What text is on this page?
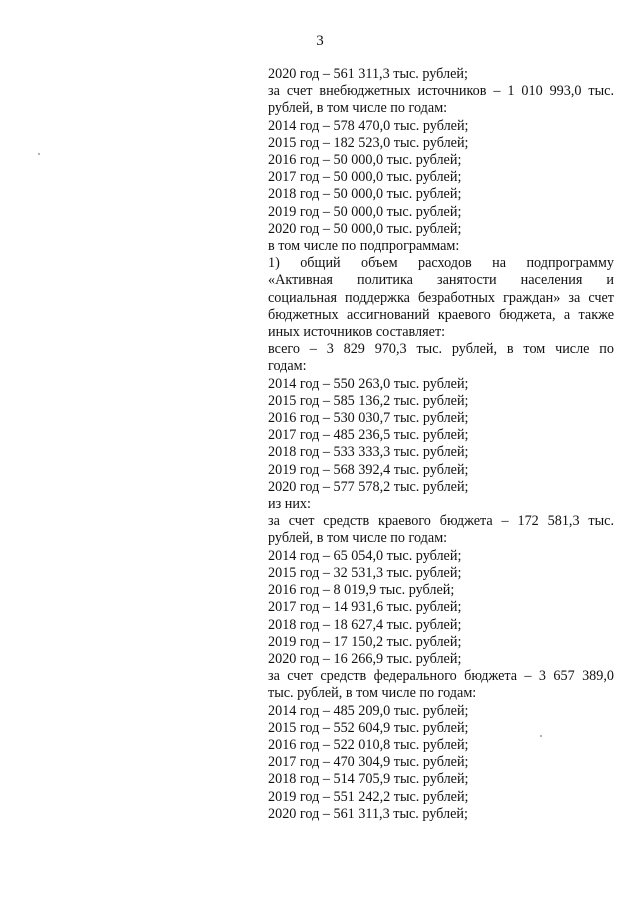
3
2020 год – 561 311,3 тыс. рублей;
за счет внебюджетных источников – 1 010 993,0 тыс.
рублей, в том числе по годам:
2014 год – 578 470,0 тыс. рублей;
2015 год – 182 523,0 тыс. рублей;
2016 год – 50 000,0 тыс. рублей;
2017 год – 50 000,0 тыс. рублей;
2018 год – 50 000,0 тыс. рублей;
2019 год – 50 000,0 тыс. рублей;
2020 год – 50 000,0 тыс. рублей;
в том числе по подпрограммам:
1) общий объем расходов на подпрограмму
«Активная политика занятости населения и
социальная поддержка безработных граждан» за счет
бюджетных ассигнований краевого бюджета, а также
иных источников составляет:
всего – 3 829 970,3 тыс. рублей, в том числе по
годам:
2014 год – 550 263,0 тыс. рублей;
2015 год – 585 136,2 тыс. рублей;
2016 год – 530 030,7 тыс. рублей;
2017 год – 485 236,5 тыс. рублей;
2018 год – 533 333,3 тыс. рублей;
2019 год – 568 392,4 тыс. рублей;
2020 год – 577 578,2 тыс. рублей;
из них:
за счет средств краевого бюджета – 172 581,3 тыс.
рублей, в том числе по годам:
2014 год – 65 054,0 тыс. рублей;
2015 год – 32 531,3 тыс. рублей;
2016 год – 8 019,9 тыс. рублей;
2017 год – 14 931,6 тыс. рублей;
2018 год – 18 627,4 тыс. рублей;
2019 год – 17 150,2 тыс. рублей;
2020 год – 16 266,9 тыс. рублей;
за счет средств федерального бюджета – 3 657 389,0
тыс. рублей, в том числе по годам:
2014 год – 485 209,0 тыс. рублей;
2015 год – 552 604,9 тыс. рублей;
2016 год – 522 010,8 тыс. рублей;
2017 год – 470 304,9 тыс. рублей;
2018 год – 514 705,9 тыс. рублей;
2019 год – 551 242,2 тыс. рублей;
2020 год – 561 311,3 тыс. рублей;
